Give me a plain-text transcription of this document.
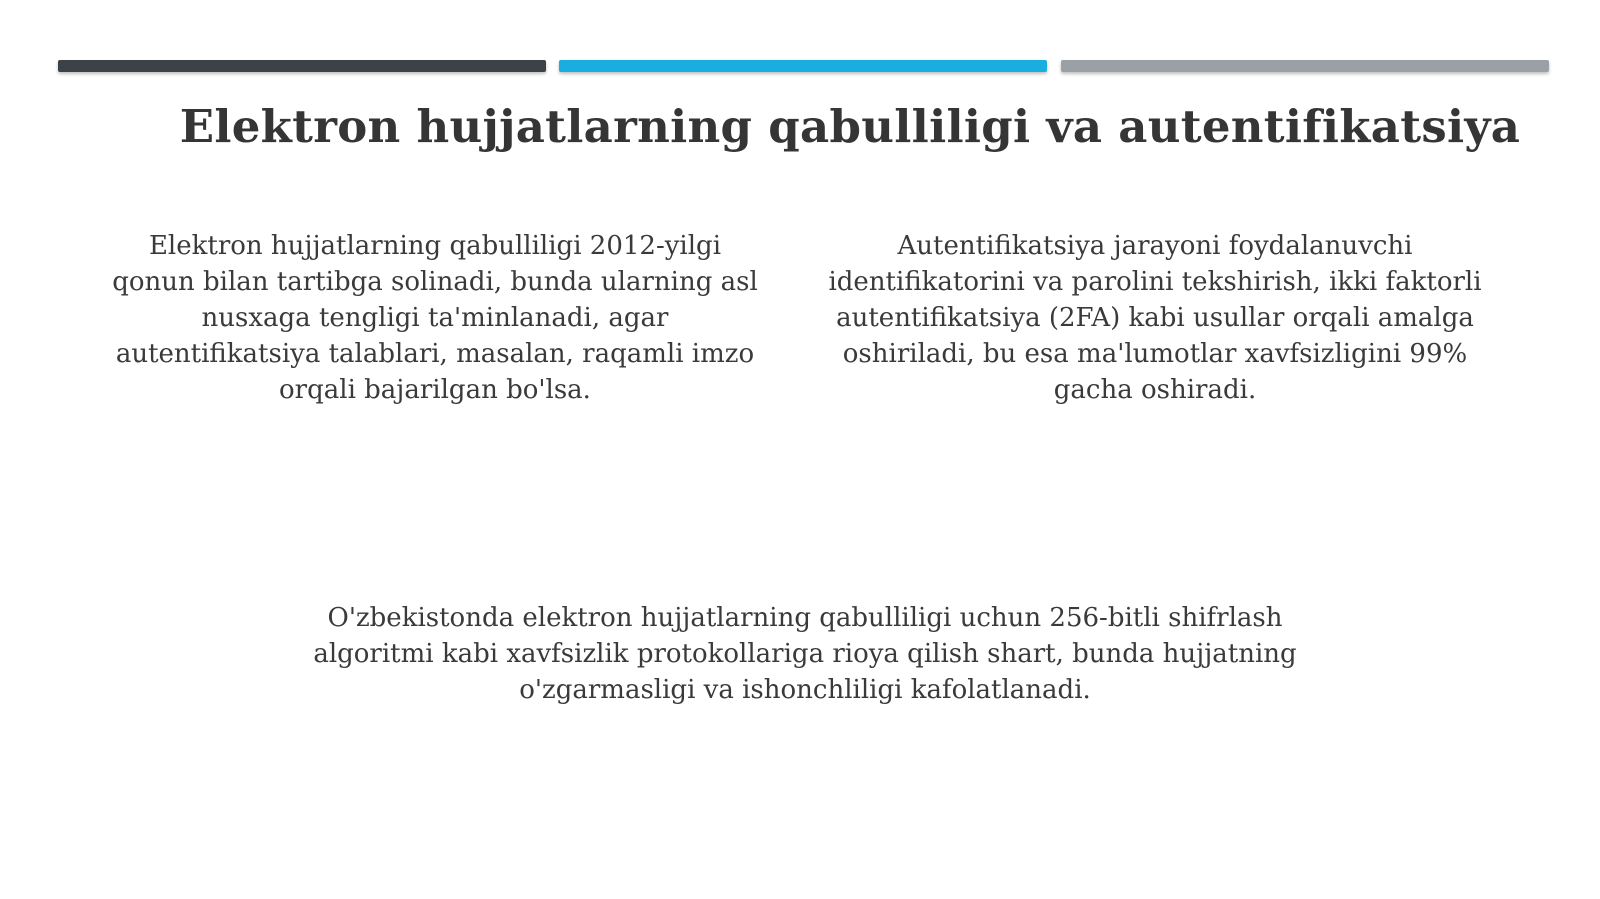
Elektron hujjatlarning qabulliligi va autentifikatsiya
Elektron hujjatlarning qabulliligi 2012-yilgi qonun bilan tartibga solinadi, bunda ularning asl nusxaga tengligi ta'minlanadi, agar autentifikatsiya talablari, masalan, raqamli imzo orqali bajarilgan bo'lsa.
Autentifikatsiya jarayoni foydalanuvchi identifikatorini va parolini tekshirish, ikki faktorli autentifikatsiya (2FA) kabi usullar orqali amalga oshiriladi, bu esa ma'lumotlar xavfsizligini 99% gacha oshiradi.
O'zbekistonda elektron hujjatlarning qabulliligi uchun 256-bitli shifrlash algoritmi kabi xavfsizlik protokollariga rioya qilish shart, bunda hujjatning o'zgarmasligi va ishonchliligi kafolatlanadi.
